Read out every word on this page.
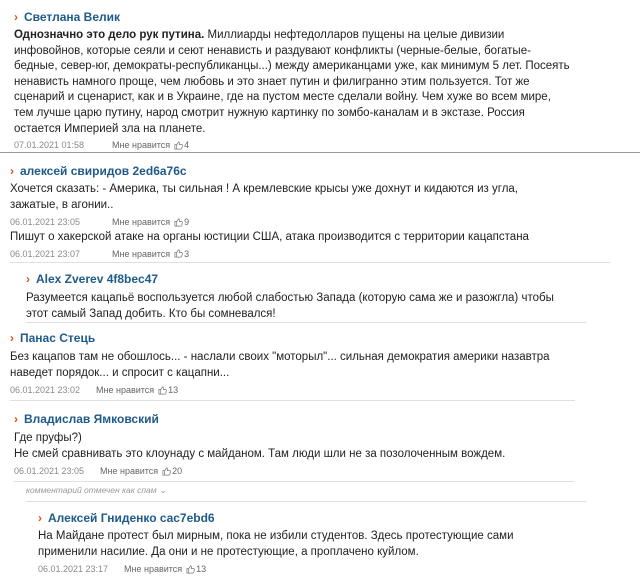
› Светлана Велик
Однозначно это дело рук путина. Миллиарды нефтедолларов пущены на целые дивизии
инфовойнов, которые сеяли и сеют ненависть и раздувают конфликты (черные-белые, богатые-
бедные, север-юг, демократы-республиканцы...) между американцами уже, как минимум 5 лет. Посеять
ненависть намного проще, чем любовь и это знает путин и филигранно этим пользуется. Тот же
сценарий и сценарист, как и в Украине, где на пустом месте сделали войну. Чем хуже во всем мире,
тем лучше царю путину, народ смотрит нужную картинку по зомбо-каналам и в экстазе. Россия
остается Империей зла на планете.
07.01.2021 01:58	Мне нравится 4
› алексей свиридов 2ed6a76c
Хочется сказать: - Америка, ты сильная ! А кремлевские крысы уже дохнут и кидаются из угла,
зажатые, в агонии..
06.01.2021 23:05	Мне нравится 9
Пишут о хакерской атаке на органы юстиции США, атака производится с территории кацапстана
06.01.2021 23:07	Мне нравится 3
› Alex Zverev 4f8bec47
Разумеется кацапьё воспользуется любой слабостью Запада (которую сама же и разожгла) чтобы
этот самый Запад добить. Кто бы сомневался!
› Панас Стець
Без кацапов там не обошлось... - наслали своих "моторыл"... сильная демократия америки назавтра
наведет порядок... и спросит с кацапни...
06.01.2021 23:02	Мне нравится 13
› Владислав Ямковский
Где пруфы?)
Не смей сравнивать это клоунаду с майданом. Там люди шли не за позолоченным вождем.
06.01.2021 23:05	Мне нравится 20
комментарий отмечен как спам ⌄
› Алексей Гниденко cac7ebd6
На Майдане протест был мирным, пока не избили студентов. Здесь протестующие сами
применили насилие. Да они и не протестующие, а проплачено куйлом.
06.01.2021 23:17	Мне нравится 13
